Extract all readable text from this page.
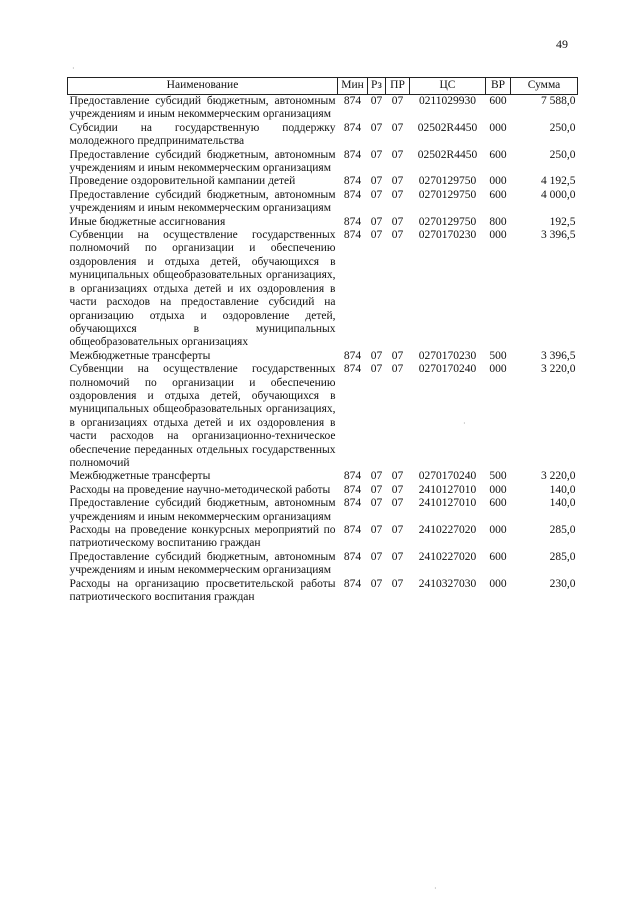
49
·
·
·
Наименование	Мин	Рз	ПР	ЦС	ВР	Сумма
Предоставление субсидий бюджетным, автономным учреждениям и иным некоммерческим организациям	874	07	07	0211029930	600	7 588,0
Субсидии на государственную поддержку молодежного предпринимательства	874	07	07	02502R4450	000	250,0
Предоставление субсидий бюджетным, автономным учреждениям и иным некоммерческим организациям	874	07	07	02502R4450	600	250,0
Проведение оздоровительной кампании детей	874	07	07	0270129750	000	4 192,5
Предоставление субсидий бюджетным, автономным учреждениям и иным некоммерческим организациям	874	07	07	0270129750	600	4 000,0
Иные бюджетные ассигнования	874	07	07	0270129750	800	192,5
Субвенции на осуществление государственных полномочий по организации и обеспечению оздоровления и отдыха детей, обучающихся в муниципальных общеобразовательных организациях, в организациях отдыха детей и их оздоровления в части расходов на предоставление субсидий на организацию отдыха и оздоровление детей, обучающихся в муниципальных общеобразовательных организациях	874	07	07	0270170230	000	3 396,5
Межбюджетные трансферты	874	07	07	0270170230	500	3 396,5
Субвенции на осуществление государственных полномочий по организации и обеспечению оздоровления и отдыха детей, обучающихся в муниципальных общеобразовательных организациях, в организациях отдыха детей и их оздоровления в части расходов на организационно-техническое обеспечение переданных отдельных государственных полномочий	874	07	07	0270170240	000	3 220,0
Межбюджетные трансферты	874	07	07	0270170240	500	3 220,0
Расходы на проведение научно-методической работы	874	07	07	2410127010	000	140,0
Предоставление субсидий бюджетным, автономным учреждениям и иным некоммерческим организациям	874	07	07	2410127010	600	140,0
Расходы на проведение конкурсных мероприятий по патриотическому воспитанию граждан	874	07	07	2410227020	000	285,0
Предоставление субсидий бюджетным, автономным учреждениям и иным некоммерческим организациям	874	07	07	2410227020	600	285,0
Расходы на организацию просветительской работы патриотического воспитания граждан	874	07	07	2410327030	000	230,0
